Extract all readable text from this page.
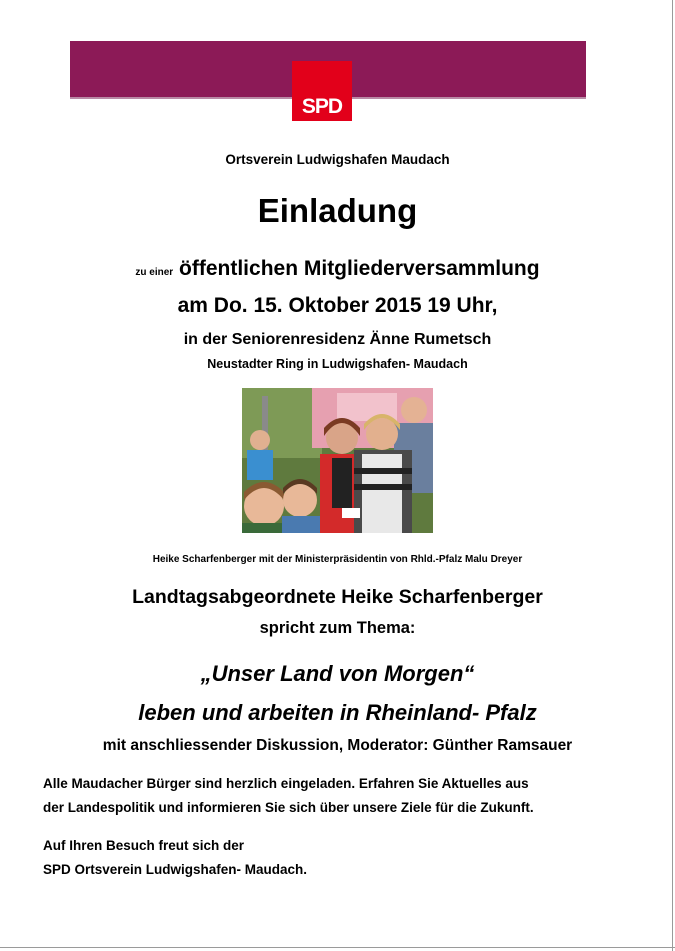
SPD
Ortsverein Ludwigshafen Maudach
Einladung
zu einer öffentlichen Mitgliederversammlung
am Do. 15. Oktober 2015 19 Uhr,
in der Seniorenresidenz Änne Rumetsch
Neustadter Ring in Ludwigshafen- Maudach
Heike Scharfenberger mit der Ministerpräsidentin von Rhld.-Pfalz Malu Dreyer
Landtagsabgeordnete Heike Scharfenberger
spricht zum Thema:
„Unser Land von Morgen“
leben und arbeiten in Rheinland- Pfalz
mit anschliessender Diskussion, Moderator: Günther Ramsauer
Alle Maudacher Bürger sind herzlich eingeladen. Erfahren Sie Aktuelles aus
der Landespolitik und informieren Sie sich über unsere Ziele für die Zukunft.
Auf Ihren Besuch freut sich der
SPD Ortsverein Ludwigshafen- Maudach.
